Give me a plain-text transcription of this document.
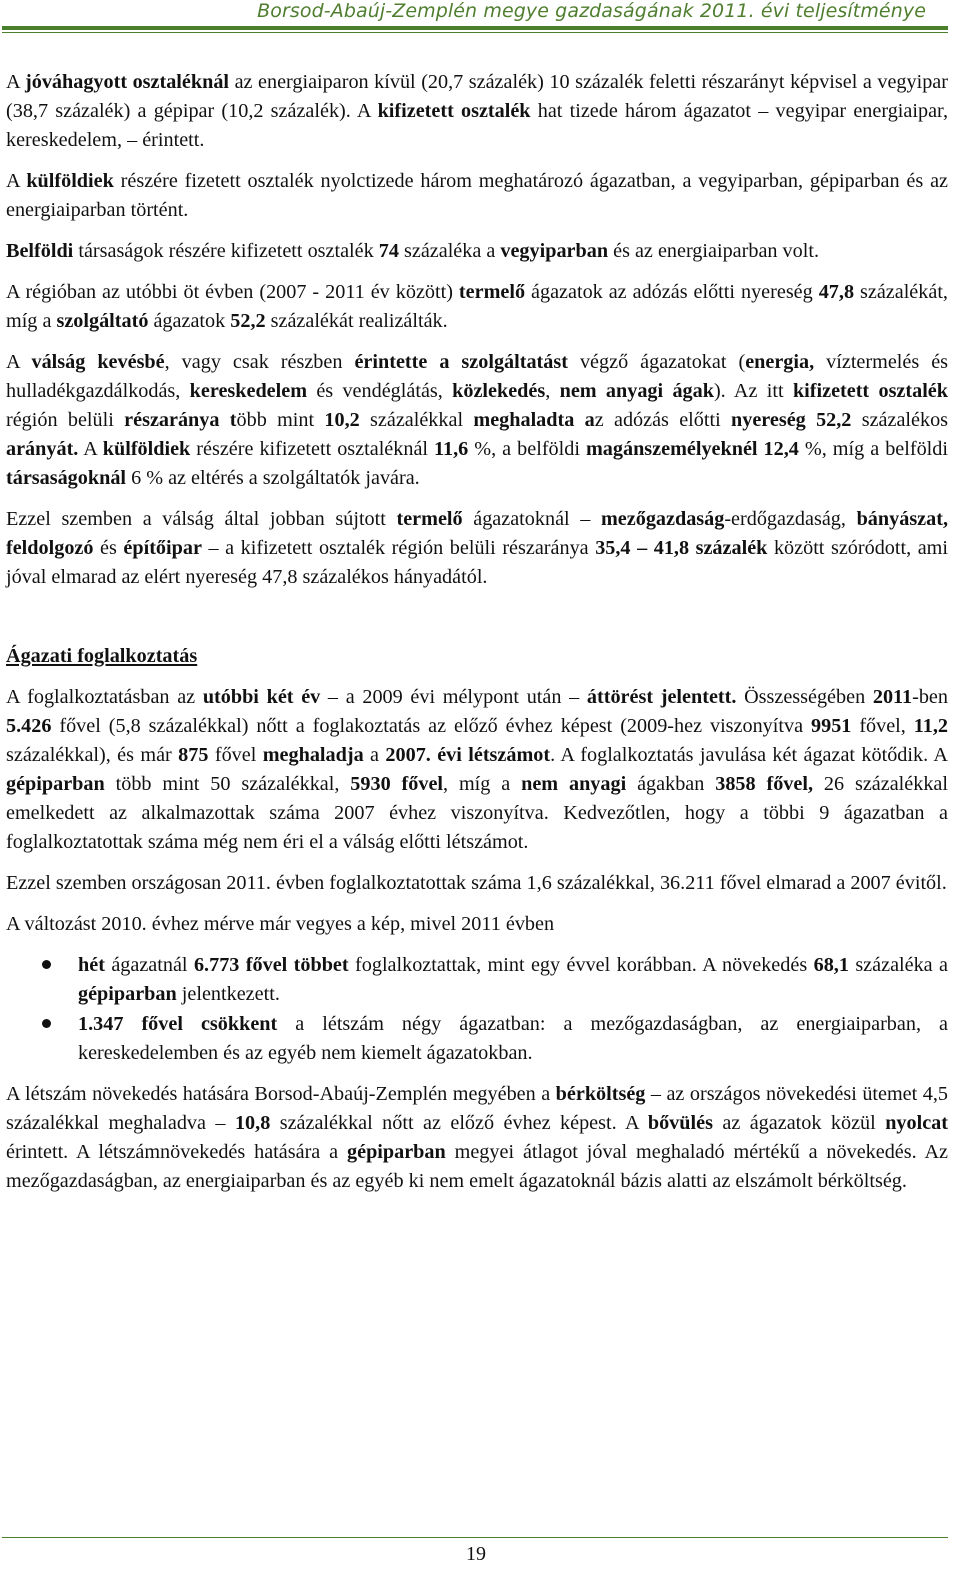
Borsod-Abaúj-Zemplén megye gazdaságának 2011. évi teljesítménye

A jóváhagyott osztaléknál az energiaiparon kívül (20,7 százalék) 10 százalék feletti részarányt képvisel a vegyipar (38,7 százalék) a gépipar (10,2 százalék). A kifizetett osztalék hat tizede három ágazatot – vegyipar energiaipar, kereskedelem, – érintett.

A külföldiek részére fizetett osztalék nyolctizede három meghatározó ágazatban, a vegyiparban, gépiparban és az energiaiparban történt.

Belföldi társaságok részére kifizetett osztalék 74 százaléka a vegyiparban és az energiaiparban volt.

A régióban az utóbbi öt évben (2007 - 2011 év között) termelő ágazatok az adózás előtti nyereség 47,8 százalékát, míg a szolgáltató ágazatok 52,2 százalékát realizálták.

A válság kevésbé, vagy csak részben érintette a szolgáltatást végző ágazatokat (energia, víztermelés és hulladékgazdálkodás, kereskedelem és vendéglátás, közlekedés, nem anyagi ágak). Az itt kifizetett osztalék régión belüli részaránya több mint 10,2 százalékkal meghaladta az adózás előtti nyereség 52,2 százalékos arányát. A külföldiek részére kifizetett osztaléknál 11,6 %, a belföldi magánszemélyeknél 12,4 %, míg a belföldi társaságoknál 6 % az eltérés a szolgáltatók javára.

Ezzel szemben a válság által jobban sújtott termelő ágazatoknál – mezőgazdaság-erdőgazdaság, bányászat, feldolgozó és építőipar – a kifizetett osztalék régión belüli részaránya 35,4 – 41,8 százalék között szóródott, ami jóval elmarad az elért nyereség 47,8 százalékos hányadától.

Ágazati foglalkoztatás

A foglalkoztatásban az utóbbi két év – a 2009 évi mélypont után – áttörést jelentett. Összességében 2011-ben 5.426 fővel (5,8 százalékkal) nőtt a foglakoztatás az előző évhez képest (2009-hez viszonyítva 9951 fővel, 11,2 százalékkal), és már 875 fővel meghaladja a 2007. évi létszámot. A foglalkoztatás javulása két ágazat kötődik. A gépiparban több mint 50 százalékkal, 5930 fővel, míg a nem anyagi ágakban 3858 fővel, 26 százalékkal emelkedett az alkalmazottak száma 2007 évhez viszonyítva. Kedvezőtlen, hogy a többi 9 ágazatban a foglalkoztatottak száma még nem éri el a válság előtti létszámot.

Ezzel szemben országosan 2011. évben foglalkoztatottak száma 1,6 százalékkal, 36.211 fővel elmarad a 2007 évitől.

A változást 2010. évhez mérve már vegyes a kép, mivel 2011 évben

hét ágazatnál 6.773 fővel többet foglalkoztattak, mint egy évvel korábban. A növekedés 68,1 százaléka a gépiparban jelentkezett.
1.347 fővel csökkent a létszám négy ágazatban: a mezőgazdaságban, az energiaiparban, a kereskedelemben és az egyéb nem kiemelt ágazatokban.

A létszám növekedés hatására Borsod-Abaúj-Zemplén megyében a bérköltség – az országos növekedési ütemet 4,5 százalékkal meghaladva – 10,8 százalékkal nőtt az előző évhez képest. A bővülés az ágazatok közül nyolcat érintett. A létszámnövekedés hatására a gépiparban megyei átlagot jóval meghaladó mértékű a növekedés. Az mezőgazdaságban, az energiaiparban és az egyéb ki nem emelt ágazatoknál bázis alatti az elszámolt bérköltség.

19
